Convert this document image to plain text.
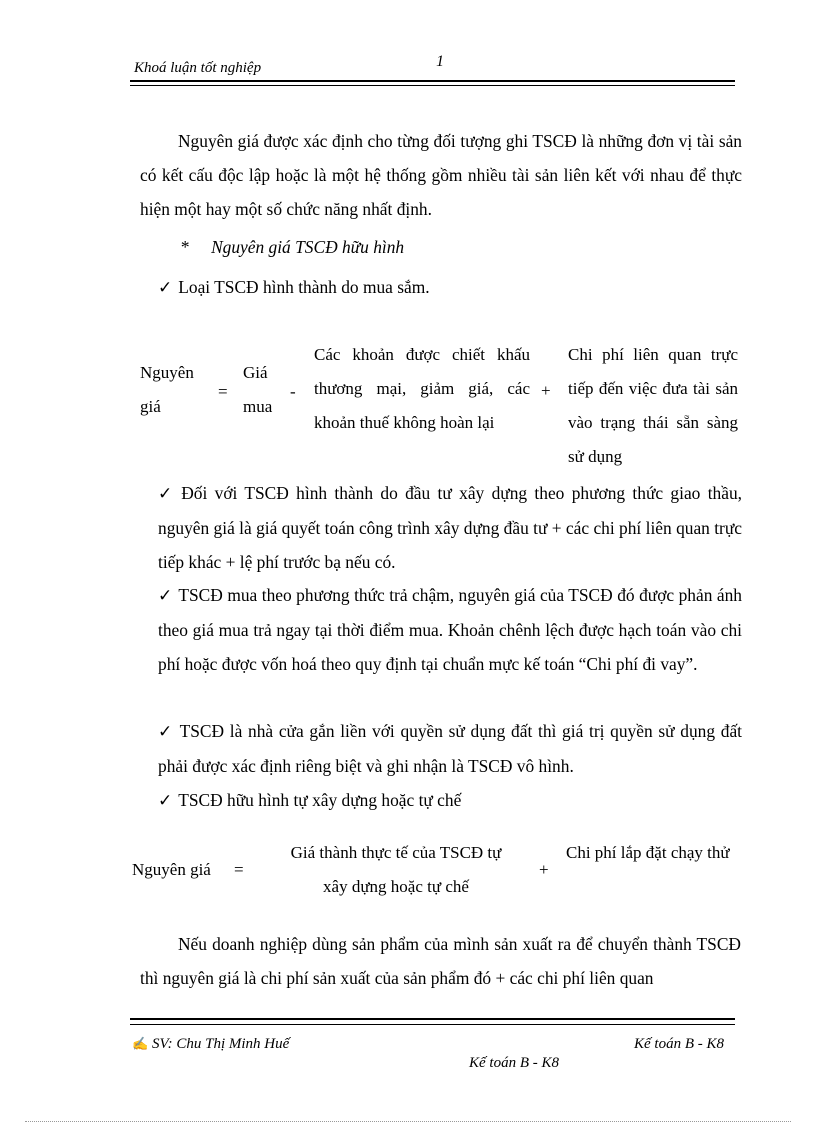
Khoá luận tốt nghiệp	1
Nguyên giá được xác định cho từng đối tượng ghi TSCĐ là những đơn vị tài sản có kết cấu độc lập hoặc là một hệ thống gồm nhiều tài sản liên kết với nhau để thực hiện một hay một số chức năng nhất định.
* Nguyên giá TSCĐ hữu hình
✓ Loại TSCĐ hình thành do mua sắm.
Nguyên
giá
=
Giá
mua
-
Các khoản được chiết khấu thương mại, giảm giá, các khoản thuế không hoàn lại
+
Chi phí liên quan trực tiếp đến việc đưa tài sản vào trạng thái sẵn sàng sử dụng
✓ Đối với TSCĐ hình thành do đầu tư xây dựng theo phương thức giao thầu, nguyên giá là giá quyết toán công trình xây dựng đầu tư + các chi phí liên quan trực tiếp khác + lệ phí trước bạ nếu có.
✓ TSCĐ mua theo phương thức trả chậm, nguyên giá của TSCĐ đó được phản ánh theo giá mua trả ngay tại thời điểm mua. Khoản chênh lệch được hạch toán vào chi phí hoặc được vốn hoá theo quy định tại chuẩn mực kế toán “Chi phí đi vay”.
✓ TSCĐ là nhà cửa gắn liền với quyền sử dụng đất thì giá trị quyền sử dụng đất phải được xác định riêng biệt và ghi nhận là TSCĐ vô hình.
✓ TSCĐ hữu hình tự xây dựng hoặc tự chế
Nguyên giá =
Giá thành thực tế của TSCĐ tự
xây dựng hoặc tự chế
+
Chi phí lắp đặt chạy thử
Nếu doanh nghiệp dùng sản phẩm của mình sản xuất ra để chuyển thành TSCĐ thì nguyên giá là chi phí sản xuất của sản phẩm đó + các chi phí liên quan
✍ SV: Chu Thị Minh Huế	Kế toán B - K8
Kế toán B - K8
